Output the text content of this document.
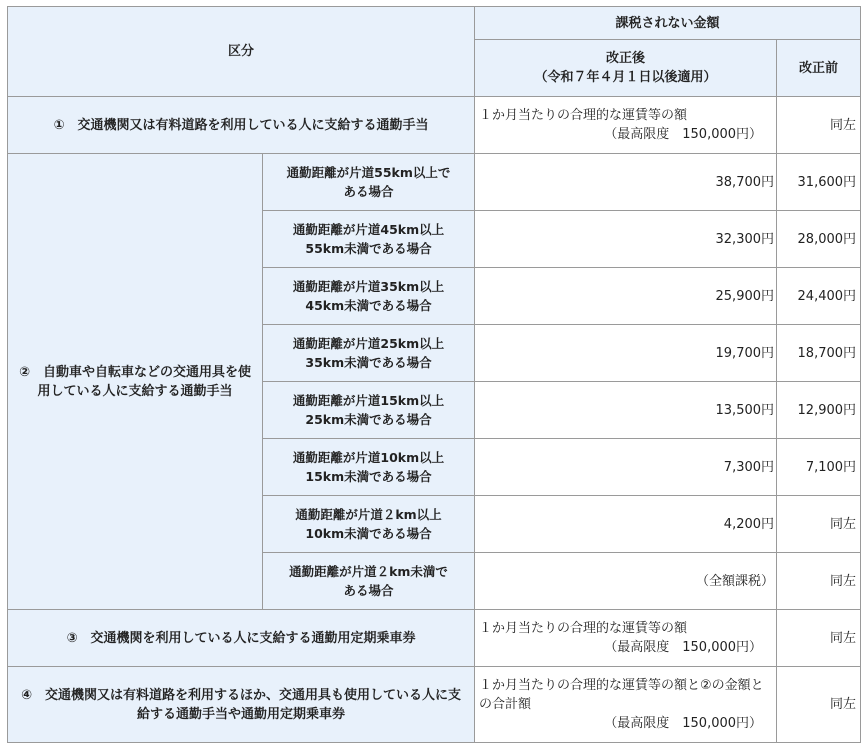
区分		課税されない金額	
		改正後
（令和７年４月１日以後適用）	改正前
①　交通機関又は有料道路を利用している人に支給する通勤手当		１か月当たりの合理的な運賃等の額
（最高限度　150,000円）	同左
②　自動車や自転車などの交通用具を使用している人に支給する通勤手当	通勤距離が片道55km以上で
ある場合	38,700円	31,600円
	通勤距離が片道45km以上
55km未満である場合	32,300円	28,000円
	通勤距離が片道35km以上
45km未満である場合	25,900円	24,400円
	通勤距離が片道25km以上
35km未満である場合	19,700円	18,700円
	通勤距離が片道15km以上
25km未満である場合	13,500円	12,900円
	通勤距離が片道10km以上
15km未満である場合	7,300円	7,100円
	通勤距離が片道２km以上
10km未満である場合	4,200円	同左
	通勤距離が片道２km未満で
ある場合	（全額課税）	同左
③　交通機関を利用している人に支給する通勤用定期乗車券		１か月当たりの合理的な運賃等の額
（最高限度　150,000円）	同左
④　交通機関又は有料道路を利用するほか、交通用具も使用している人に支給する通勤手当や通勤用定期乗車券		１か月当たりの合理的な運賃等の額と②の金額との合計額
（最高限度　150,000円）	同左
